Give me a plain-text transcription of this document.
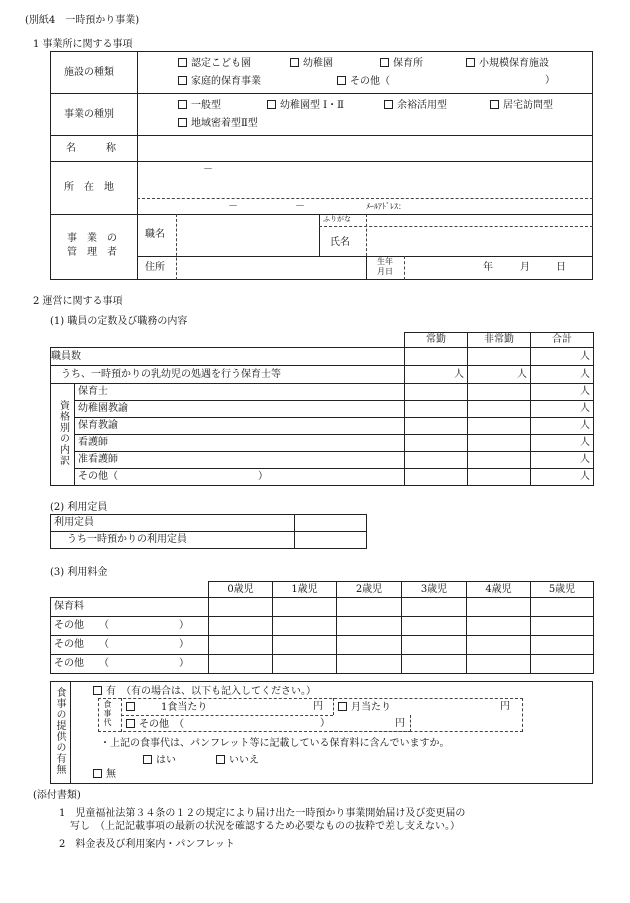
(別紙4　一時預かり事業)
1 事業所に関する事項
施設の種類
認定こども園	幼稚園	保育所	小規模保育施設
家庭的保育事業	その他（	）
事業の種別
一般型	幼稚園型 Ⅰ・Ⅱ	余裕活用型	居宅訪問型
地域密着型Ⅱ型
名　　　称
所　在　地
－
－	－	ﾒｰﾙｱﾄﾞﾚｽ：
事　業　の
管　理　者
職名
ふりがな
氏名
住所
生年
月日	年	月	日
2 運営に関する事項
(1) 職員の定数及び職務の内容
		常勤	非常勤	合計
職員数				人
うち、一時預かりの乳幼児の処遇を行う保育士等		人	人	人
資格別の内訳	保育士			人
	幼稚園教諭			人
	保育教諭			人
	看護師			人
	准看護師			人
	その他（　　　　　　　　　　　　　　）			人
(2) 利用定員
利用定員	
うち一時預かりの利用定員	
(3) 利用料金
	0歳児	1歳児	2歳児	3歳児	4歳児	5歳児
保育料						
その他　　（　　　　　　　）						
その他　　（　　　　　　　）						
その他　　（　　　　　　　）						
食事の提供の有無	有　（有の場合は、以下も記入してください。）
食事代	1食当たり	円	月当たり	円
その他　（	）	円
・上記の食事代は、パンフレット等に記載している保育料に含んでいますか。
はい	いいえ
無
(添付書類)
1　児童福祉法第３４条の１２の規定により届け出た一時預かり事業開始届け及び変更届の
写し　（上記記載事項の最新の状況を確認するため必要なものの抜粋で差し支えない。）
2　料金表及び利用案内・パンフレット
